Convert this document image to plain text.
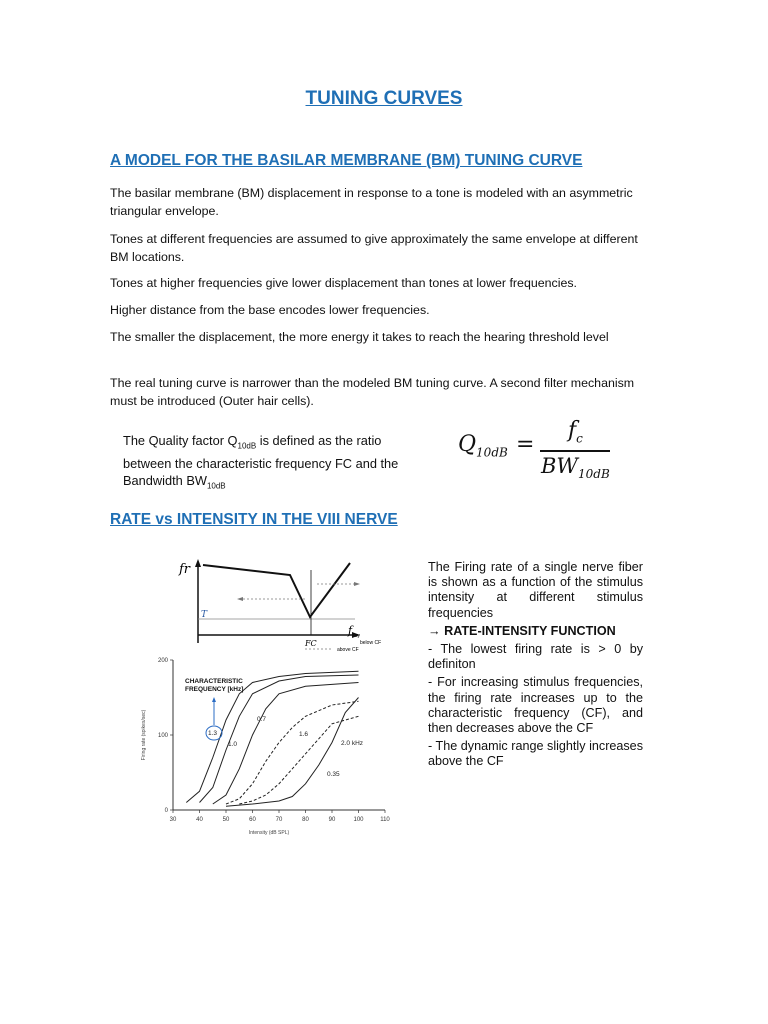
TUNING CURVES
A MODEL FOR THE BASILAR MEMBRANE (BM) TUNING CURVE

The basilar membrane (BM) displacement in response to a tone is modeled with an asymmetric triangular envelope.

Tones at different frequencies are assumed to give approximately the same envelope at different BM locations.

Tones at higher frequencies give lower displacement than tones at lower frequencies.

Higher distance from the base encodes lower frequencies.

The smaller the displacement, the more energy it takes to reach the hearing threshold level

The real tuning curve is narrower than the modeled BM tuning curve. A second filter mechanism must be introduced (Outer hair cells).

The Quality factor $Q_{10dB}$ is defined as the ratio
between the characteristic frequency FC and the
Bandwidth $BW_{10dB}$
$Q_{10dB}$ =
$f_c$
$BW_{10dB}$
RATE vs INTENSITY IN THE VIII NERVE
fr
T
FC
f sy
below CF
above CF
30	40	50	60	70	80	90	100	110
0
100
200
Intensity (dB SPL)
Firing rate (spikes/sec)	1.3
1.0
0.7
1.6
2.0 kHz
0.35
CHARACTERISTIC
FREQUENCY [kHz]

The Firing rate of a single nerve fiber is shown as a function of the stimulus intensity at different stimulus frequencies

→ RATE-INTENSITY FUNCTION

- The lowest firing rate is > 0 by definiton

- For increasing stimulus frequencies, the firing rate increases up to the characteristic frequency (CF), and then decreases above the CF

- The dynamic range slightly increases above the CF
